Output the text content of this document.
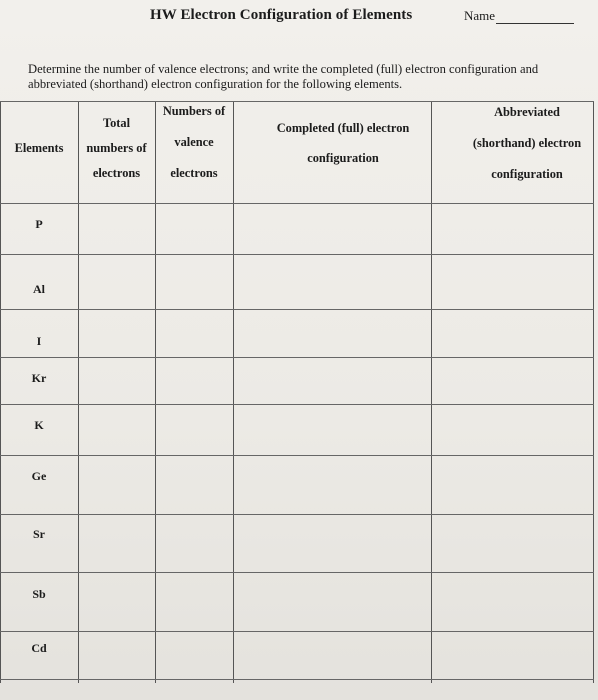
HW Electron Configuration of Elements	Name
Determine the number of valence electrons; and write the completed (full) electron configuration and abbreviated (shorthand) electron configuration for the following elements.
Elements
Total
numbers of
electrons
Numbers of
valence
electrons
Completed (full) electron
configuration
Abbreviated
(shorthand) electron
configuration
P
Al
I
Kr
K
Ge
Sr
Sb
Cd
